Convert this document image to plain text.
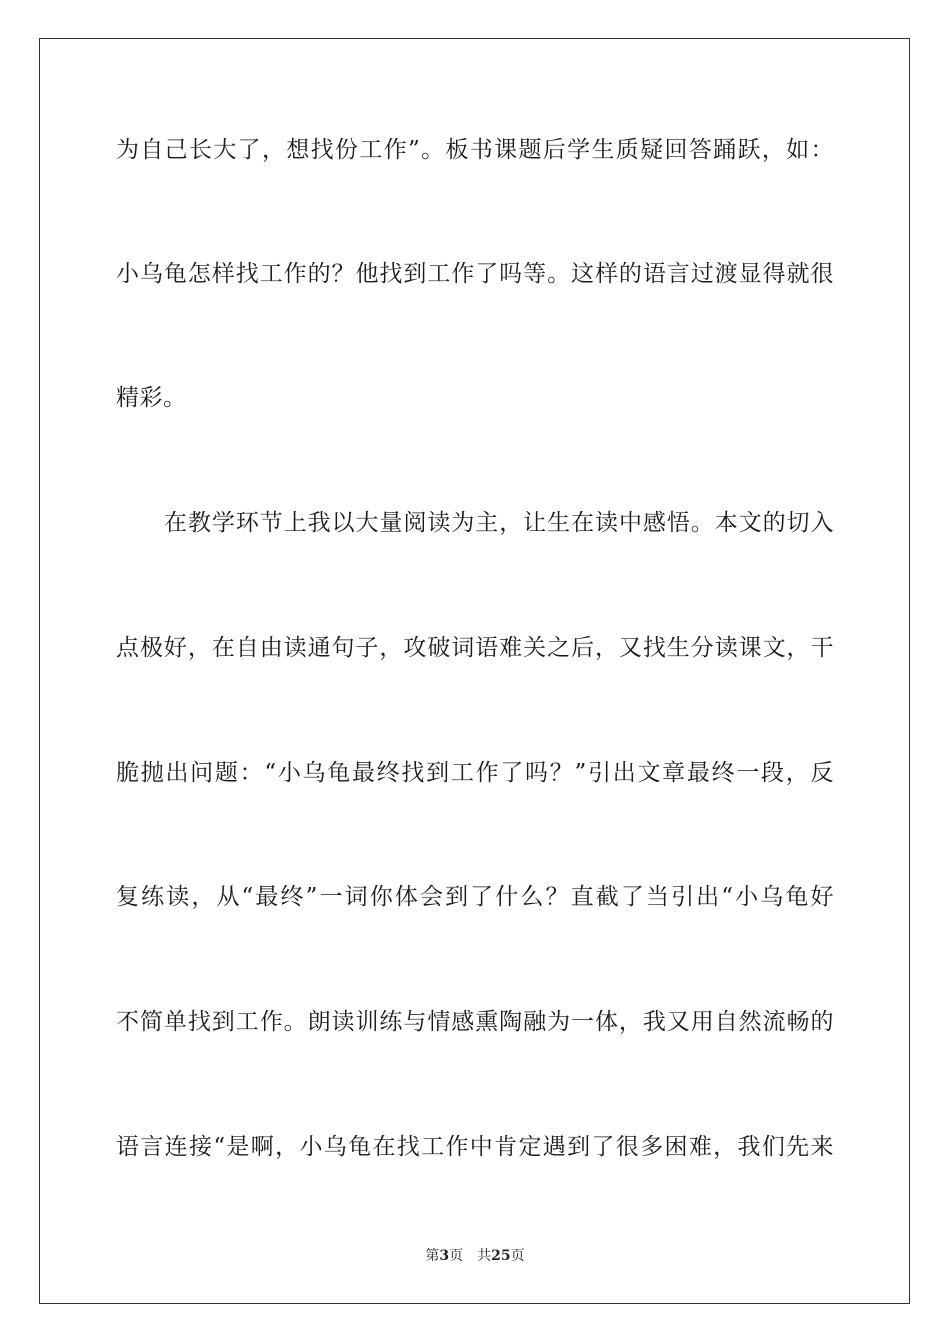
为自己长大了，想找份工作”。板书课题后学生质疑回答踊跃，如：
小乌龟怎样找工作的？他找到工作了吗等。这样的语言过渡显得就很
精彩。
在教学环节上我以大量阅读为主，让生在读中感悟。本文的切入
点极好，在自由读通句子，攻破词语难关之后，又找生分读课文，干
脆抛出问题：“小乌龟最终找到工作了吗？”引出文章最终一段，反
复练读，从“最终”一词你体会到了什么？直截了当引出“小乌龟好
不简单找到工作。朗读训练与情感熏陶融为一体，我又用自然流畅的
语言连接“是啊，小乌龟在找工作中肯定遇到了很多困难，我们先来
第3页 共25页
